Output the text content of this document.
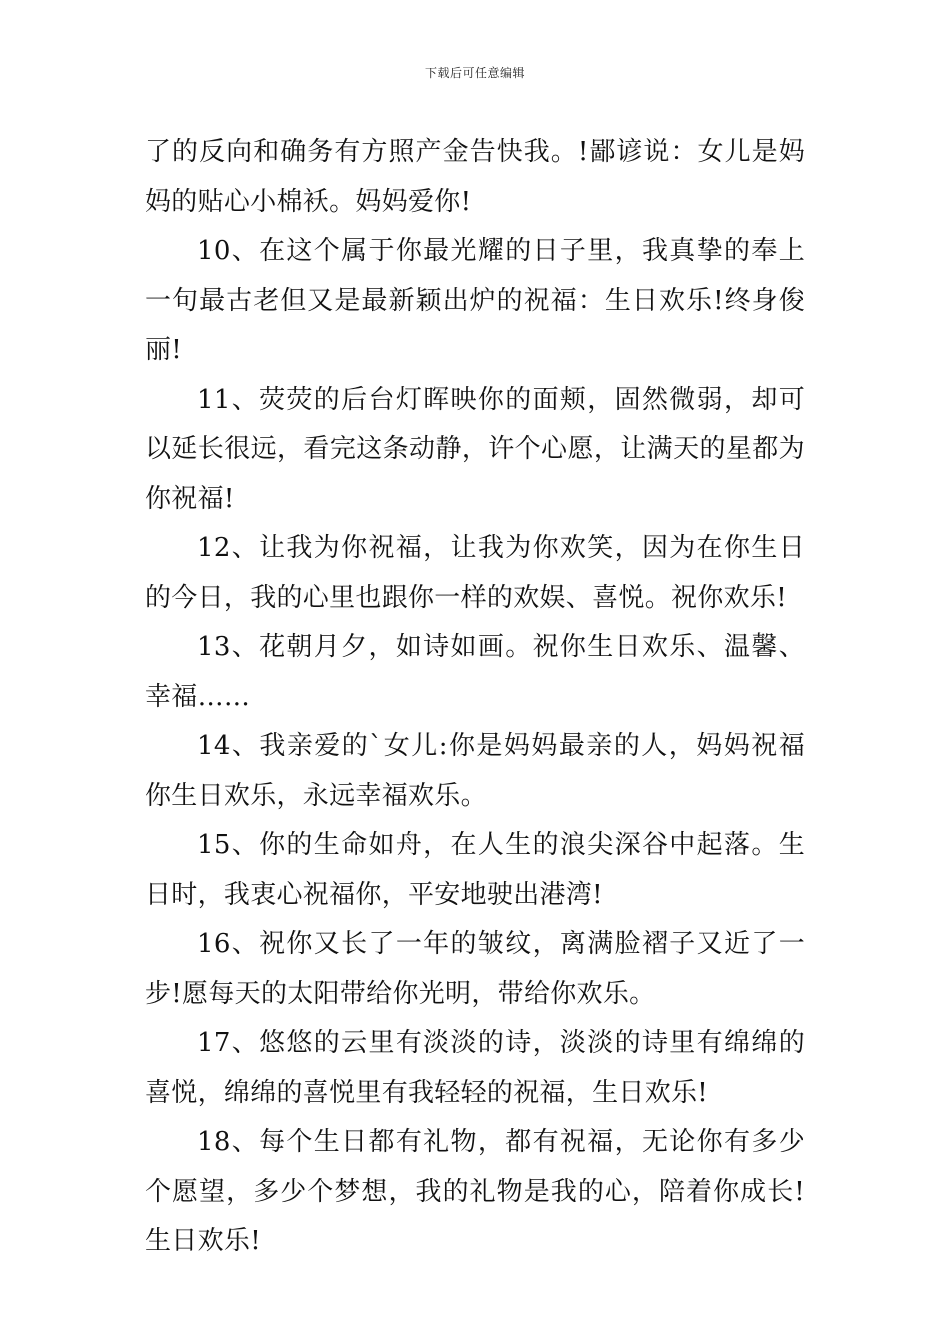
下载后可任意编辑

了的反向和确务有方照产金告快我。!鄙谚说：女儿是妈妈的贴心小棉袄。妈妈爱你!

10、在这个属于你最光耀的日子里，我真挚的奉上一句最古老但又是最新颖出炉的祝福：生日欢乐!终身俊丽!

11、荧荧的后台灯晖映你的面颊，固然微弱，却可以延长很远，看完这条动静，许个心愿，让满天的星都为你祝福!

12、让我为你祝福，让我为你欢笑，因为在你生日的今日，我的心里也跟你一样的欢娱、喜悦。祝你欢乐!

13、花朝月夕，如诗如画。祝你生日欢乐、温馨、幸福……

14、我亲爱的`女儿:你是妈妈最亲的人，妈妈祝福你生日欢乐，永远幸福欢乐。

15、你的生命如舟，在人生的浪尖深谷中起落。生日时，我衷心祝福你，平安地驶出港湾!

16、祝你又长了一年的皱纹，离满脸褶子又近了一步!愿每天的太阳带给你光明，带给你欢乐。

17、悠悠的云里有淡淡的诗，淡淡的诗里有绵绵的喜悦，绵绵的喜悦里有我轻轻的祝福，生日欢乐!

18、每个生日都有礼物，都有祝福，无论你有多少个愿望，多少个梦想，我的礼物是我的心，陪着你成长!生日欢乐!
